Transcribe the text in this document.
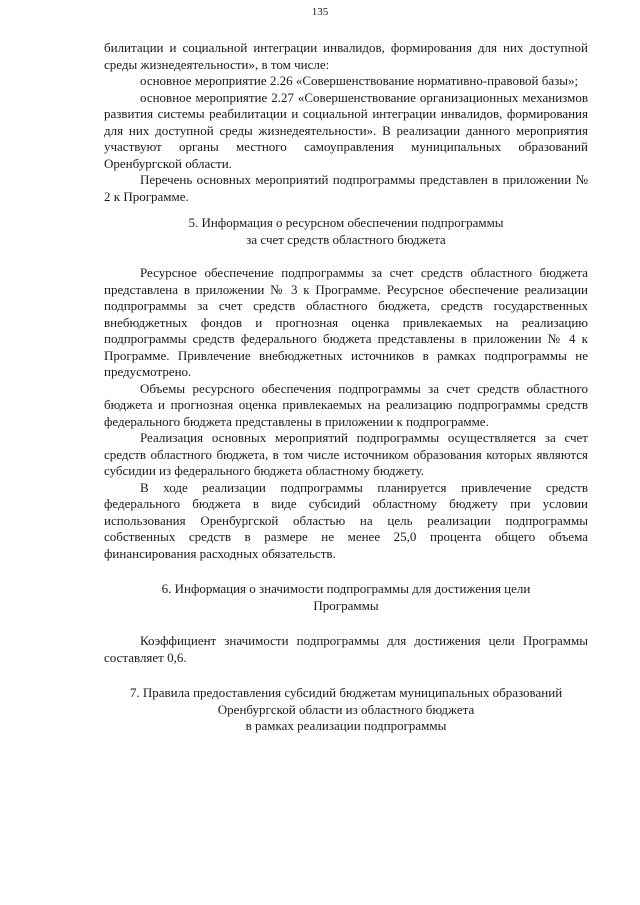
135

билитации и социальной интеграции инвалидов, формирования для них доступной среды жизнедеятельности», в том числе:

основное мероприятие 2.26 «Совершенствование нормативно-правовой базы»;

основное мероприятие 2.27 «Совершенствование организационных механизмов развития системы реабилитации и социальной интеграции инвалидов, формирования для них доступной среды жизнедеятельности». В реализации данного мероприятия участвуют органы местного самоуправления муниципальных образований Оренбургской области.

Перечень основных мероприятий подпрограммы представлен в приложении № 2 к Программе.

5. Информация о ресурсном обеспечении подпрограммы

за счет средств областного бюджета

Ресурсное обеспечение подпрограммы за счет средств областного бюджета представлена в приложении № 3 к Программе. Ресурсное обеспечение реализации подпрограммы за счет средств областного бюджета, средств государственных внебюджетных фондов и прогнозная оценка привлекаемых на реализацию подпрограммы средств федерального бюджета представлены в приложении № 4 к Программе. Привлечение внебюджетных источников в рамках подпрограммы не предусмотрено.

Объемы ресурсного обеспечения подпрограммы за счет средств областного бюджета и прогнозная оценка привлекаемых на реализацию подпрограммы средств федерального бюджета представлены в приложении к подпрограмме.

Реализация основных мероприятий подпрограммы осуществляется за счет средств областного бюджета, в том числе источником образования которых являются субсидии из федерального бюджета областному бюджету.

В ходе реализации подпрограммы планируется привлечение средств федерального бюджета в виде субсидий областному бюджету при условии использования Оренбургской областью на цель реализации подпрограммы собственных средств в размере не менее 25,0 процента общего объема финансирования расходных обязательств.

6. Информация о значимости подпрограммы для достижения цели

Программы

Коэффициент значимости подпрограммы для достижения цели Программы составляет 0,6.

7. Правила предоставления субсидий бюджетам муниципальных образований

Оренбургской области из областного бюджета

в рамках реализации подпрограммы
